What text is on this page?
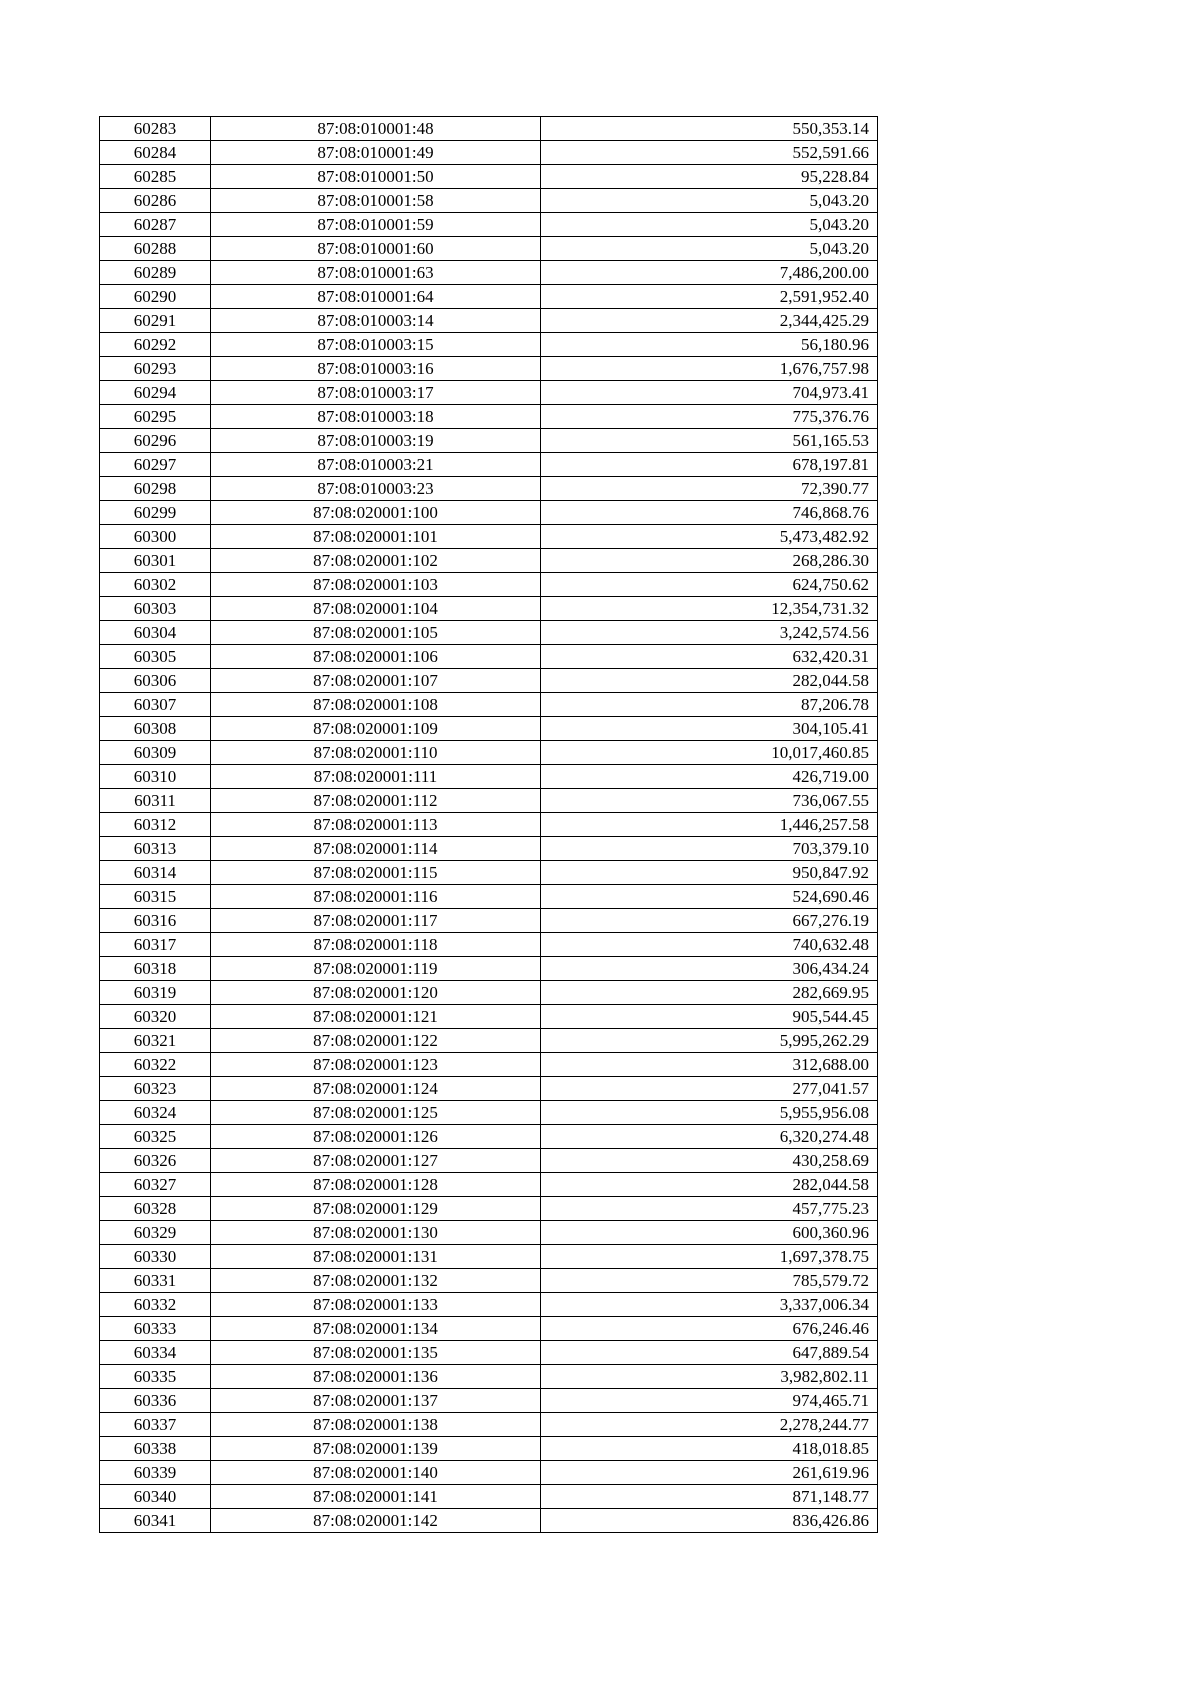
60283	87:08:010001:48	550,353.14
60284	87:08:010001:49	552,591.66
60285	87:08:010001:50	95,228.84
60286	87:08:010001:58	5,043.20
60287	87:08:010001:59	5,043.20
60288	87:08:010001:60	5,043.20
60289	87:08:010001:63	7,486,200.00
60290	87:08:010001:64	2,591,952.40
60291	87:08:010003:14	2,344,425.29
60292	87:08:010003:15	56,180.96
60293	87:08:010003:16	1,676,757.98
60294	87:08:010003:17	704,973.41
60295	87:08:010003:18	775,376.76
60296	87:08:010003:19	561,165.53
60297	87:08:010003:21	678,197.81
60298	87:08:010003:23	72,390.77
60299	87:08:020001:100	746,868.76
60300	87:08:020001:101	5,473,482.92
60301	87:08:020001:102	268,286.30
60302	87:08:020001:103	624,750.62
60303	87:08:020001:104	12,354,731.32
60304	87:08:020001:105	3,242,574.56
60305	87:08:020001:106	632,420.31
60306	87:08:020001:107	282,044.58
60307	87:08:020001:108	87,206.78
60308	87:08:020001:109	304,105.41
60309	87:08:020001:110	10,017,460.85
60310	87:08:020001:111	426,719.00
60311	87:08:020001:112	736,067.55
60312	87:08:020001:113	1,446,257.58
60313	87:08:020001:114	703,379.10
60314	87:08:020001:115	950,847.92
60315	87:08:020001:116	524,690.46
60316	87:08:020001:117	667,276.19
60317	87:08:020001:118	740,632.48
60318	87:08:020001:119	306,434.24
60319	87:08:020001:120	282,669.95
60320	87:08:020001:121	905,544.45
60321	87:08:020001:122	5,995,262.29
60322	87:08:020001:123	312,688.00
60323	87:08:020001:124	277,041.57
60324	87:08:020001:125	5,955,956.08
60325	87:08:020001:126	6,320,274.48
60326	87:08:020001:127	430,258.69
60327	87:08:020001:128	282,044.58
60328	87:08:020001:129	457,775.23
60329	87:08:020001:130	600,360.96
60330	87:08:020001:131	1,697,378.75
60331	87:08:020001:132	785,579.72
60332	87:08:020001:133	3,337,006.34
60333	87:08:020001:134	676,246.46
60334	87:08:020001:135	647,889.54
60335	87:08:020001:136	3,982,802.11
60336	87:08:020001:137	974,465.71
60337	87:08:020001:138	2,278,244.77
60338	87:08:020001:139	418,018.85
60339	87:08:020001:140	261,619.96
60340	87:08:020001:141	871,148.77
60341	87:08:020001:142	836,426.86
